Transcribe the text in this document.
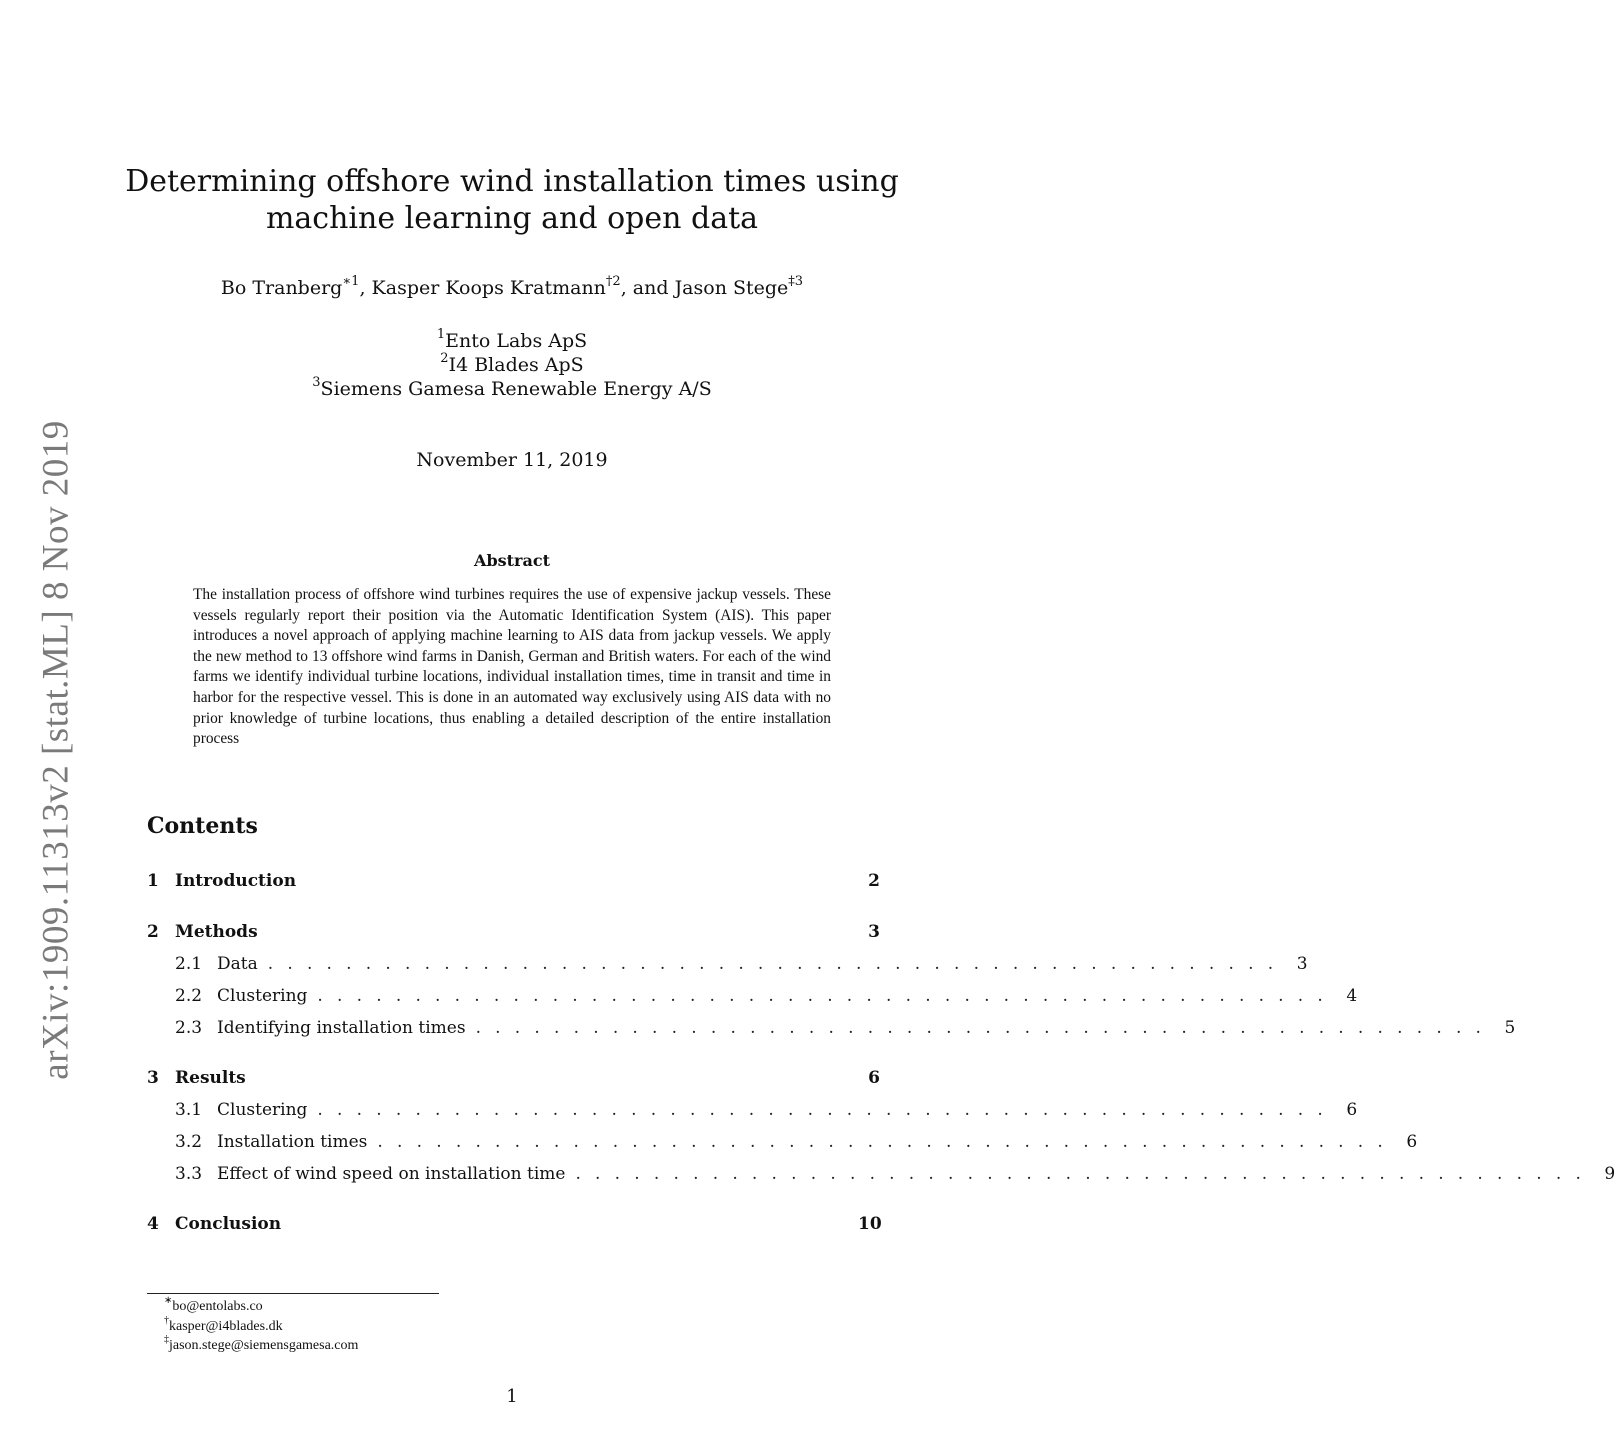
arXiv:1909.11313v2 [stat.ML] 8 Nov 2019
Determining offshore wind installation times using
machine learning and open data
Bo Tranberg$^{∗1}$, Kasper Koops Kratmann$^{\dagger 2}$, and Jason Stege$^{\ddagger 3}$
$^1$Ento Labs ApS
$^2$I4 Blades ApS
$^3$Siemens Gamesa Renewable Energy A/S
November 11, 2019
Abstract

The installation process of offshore wind turbines requires the use of expensive jackup vessels. These vessels regularly report their position via the Automatic Identification System (AIS). This paper introduces a novel approach of applying machine learning to AIS data from jackup vessels. We apply the new method to 13 offshore wind farms in Danish, German and British waters. For each of the wind farms we identify individual turbine locations, individual installation times, time in transit and time in harbor for the respective vessel. This is done in an automated way exclusively using AIS data with no prior knowledge of turbine locations, thus enabling a detailed description of the entire installation process

Contents
1 Introduction	2
2 Methods	3
2.1 Data . . . . . . . . . . . . . . . . . . . . . . . . . . . . . . . . . . . . . . . . . . . . . . . . . . . .	3
2.2 Clustering . . . . . . . . . . . . . . . . . . . . . . . . . . . . . . . . . . . . . . . . . . . . . . . . . . . .	4
2.3 Identifying installation times . . . . . . . . . . . . . . . . . . . . . . . . . . . . . . . . . . . . . . . . . . . . . . . . . . . .	5
3 Results	6
3.1 Clustering . . . . . . . . . . . . . . . . . . . . . . . . . . . . . . . . . . . . . . . . . . . . . . . . . . . .	6
3.2 Installation times . . . . . . . . . . . . . . . . . . . . . . . . . . . . . . . . . . . . . . . . . . . . . . . . . . . .	6
3.3 Effect of wind speed on installation time . . . . . . . . . . . . . . . . . . . . . . . . . . . . . . . . . . . . . . . . . . . . . . . . . . . .	9
4 Conclusion	10
∗bo@entolabs.co
†kasper@i4blades.dk
‡jason.stege@siemensgamesa.com
1
